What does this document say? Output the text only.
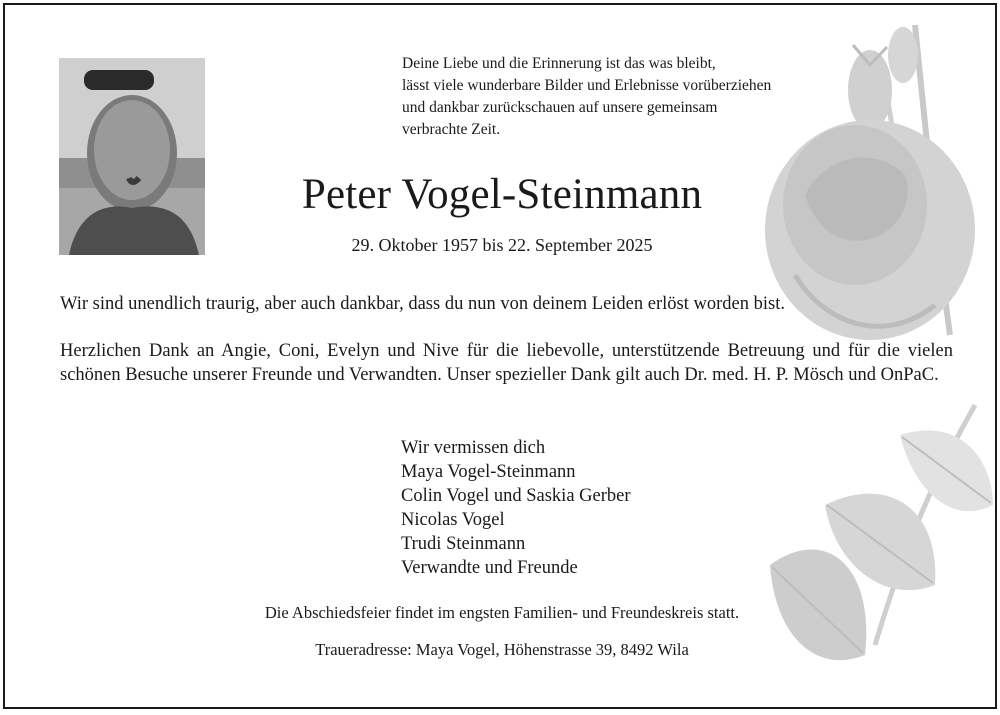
Deine Liebe und die Erinnerung ist das was bleibt,
lässt viele wunderbare Bilder und Erlebnisse vorüberziehen
und dankbar zurückschauen auf unsere gemeinsam
verbrachte Zeit.
Peter Vogel-Steinmann
29. Oktober 1957 bis 22. September 2025
Wir sind unendlich traurig, aber auch dankbar, dass du nun von deinem Leiden erlöst worden bist.
Herzlichen Dank an Angie, Coni, Evelyn und Nive für die liebevolle, unterstützende Betreuung und für die vielen schönen Besuche unserer Freunde und Verwandten. Unser spezieller Dank gilt auch Dr. med. H. P. Mösch und OnPaC.
Wir vermissen dich
Maya Vogel-Steinmann
Colin Vogel und Saskia Gerber
Nicolas Vogel
Trudi Steinmann
Verwandte und Freunde
Die Abschiedsfeier findet im engsten Familien- und Freundeskreis statt.
Traueradresse: Maya Vogel, Höhenstrasse 39, 8492 Wila
